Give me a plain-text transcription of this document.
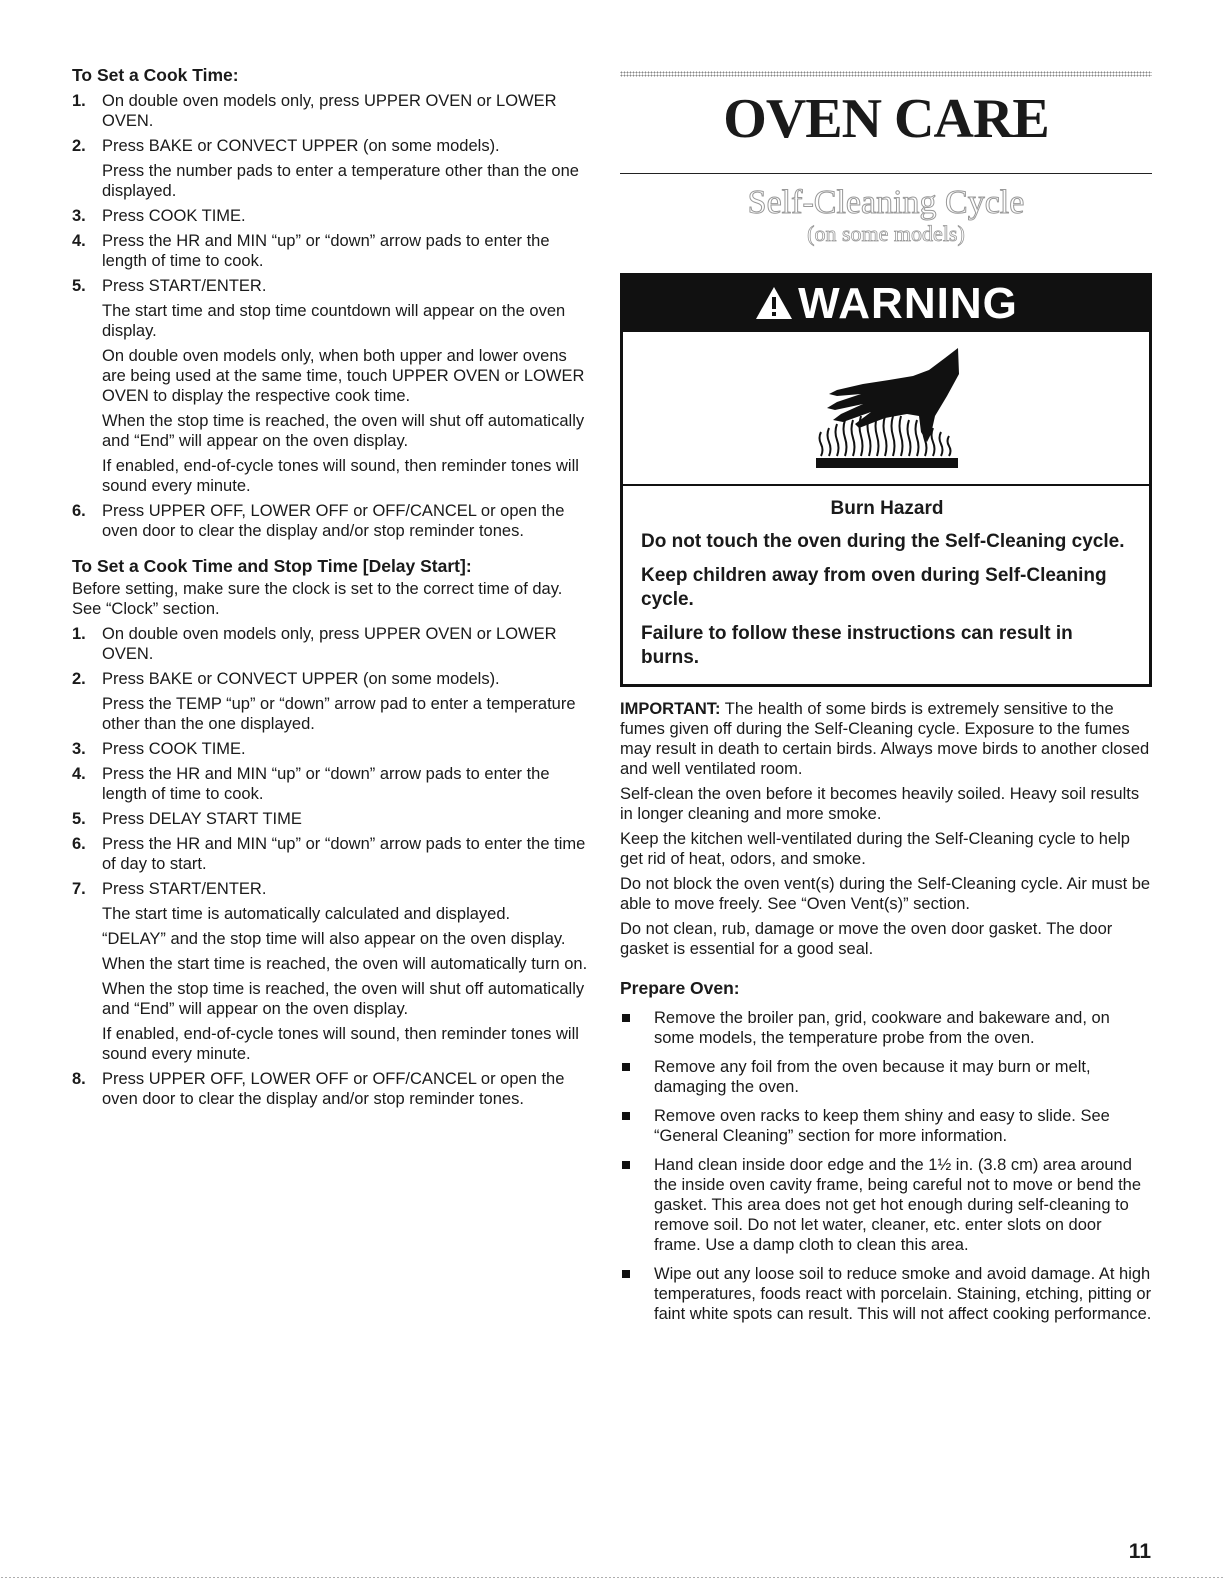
To Set a Cook Time:
1. On double oven models only, press UPPER OVEN or LOWER OVEN.
2. Press BAKE or CONVECT UPPER (on some models).
Press the number pads to enter a temperature other than the one displayed.
3. Press COOK TIME.
4. Press the HR and MIN “up” or “down” arrow pads to enter the length of time to cook.
5. Press START/ENTER.
The start time and stop time countdown will appear on the oven display.
On double oven models only, when both upper and lower ovens are being used at the same time, touch UPPER OVEN or LOWER OVEN to display the respective cook time.
When the stop time is reached, the oven will shut off automatically and “End” will appear on the oven display.
If enabled, end-of-cycle tones will sound, then reminder tones will sound every minute.
6. Press UPPER OFF, LOWER OFF or OFF/CANCEL or open the oven door to clear the display and/or stop reminder tones.
To Set a Cook Time and Stop Time [Delay Start]:

Before setting, make sure the clock is set to the correct time of day. See “Clock” section.

1. On double oven models only, press UPPER OVEN or LOWER OVEN.
2. Press BAKE or CONVECT UPPER (on some models).
Press the TEMP “up” or “down” arrow pad to enter a temperature other than the one displayed.
3. Press COOK TIME.
4. Press the HR and MIN “up” or “down” arrow pads to enter the length of time to cook.
5. Press DELAY START TIME
6. Press the HR and MIN “up” or “down” arrow pads to enter the time of day to start.
7. Press START/ENTER.
The start time is automatically calculated and displayed.
“DELAY” and the stop time will also appear on the oven display.
When the start time is reached, the oven will automatically turn on.
When the stop time is reached, the oven will shut off automatically and “End” will appear on the oven display.
If enabled, end-of-cycle tones will sound, then reminder tones will sound every minute.
8. Press UPPER OFF, LOWER OFF or OFF/CANCEL or open the oven door to clear the display and/or stop reminder tones.
OVEN CARE
Self-Cleaning Cycle
(on some models)
WARNING
Burn Hazard

Do not touch the oven during the Self-Cleaning cycle.

Keep children away from oven during Self-Cleaning cycle.

Failure to follow these instructions can result in burns.

IMPORTANT: The health of some birds is extremely sensitive to the fumes given off during the Self-Cleaning cycle. Exposure to the fumes may result in death to certain birds. Always move birds to another closed and well ventilated room.

Self-clean the oven before it becomes heavily soiled. Heavy soil results in longer cleaning and more smoke.

Keep the kitchen well-ventilated during the Self-Cleaning cycle to help get rid of heat, odors, and smoke.

Do not block the oven vent(s) during the Self-Cleaning cycle. Air must be able to move freely. See “Oven Vent(s)” section.

Do not clean, rub, damage or move the oven door gasket. The door gasket is essential for a good seal.

Prepare Oven:
Remove the broiler pan, grid, cookware and bakeware and, on some models, the temperature probe from the oven.
Remove any foil from the oven because it may burn or melt, damaging the oven.
Remove oven racks to keep them shiny and easy to slide. See “General Cleaning” section for more information.
Hand clean inside door edge and the 1½ in. (3.8 cm) area around the inside oven cavity frame, being careful not to move or bend the gasket. This area does not get hot enough during self-cleaning to remove soil. Do not let water, cleaner, etc. enter slots on door frame. Use a damp cloth to clean this area.
Wipe out any loose soil to reduce smoke and avoid damage. At high temperatures, foods react with porcelain. Staining, etching, pitting or faint white spots can result. This will not affect cooking performance.
11
